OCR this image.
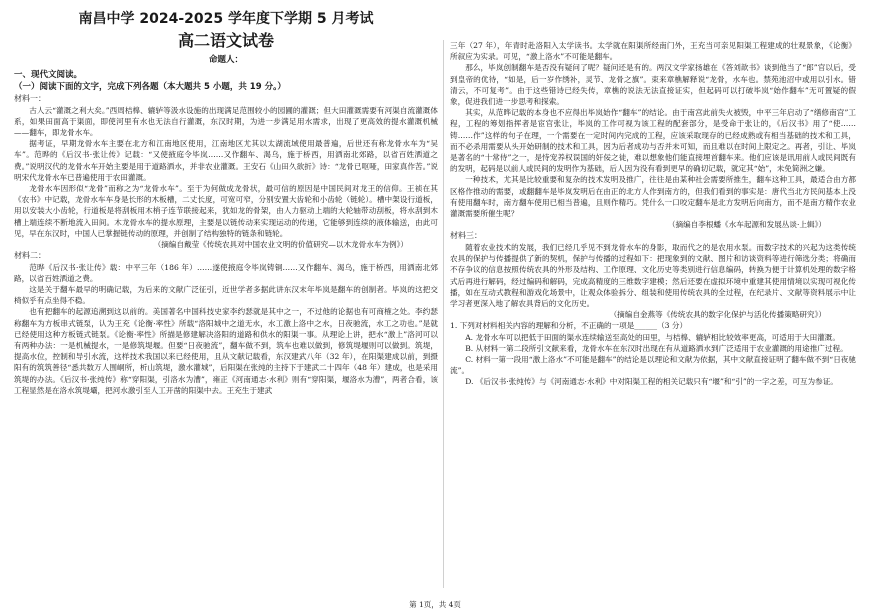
南昌中学 2024-2025 学年度下学期 5 月考试
高二语文试卷
命题人：
一、现代文阅读。
（一）阅读下面的文字，完成下列各题（本大题共 5 小题，共 19 分。）
材料一：

古人云“灌溉之利大矣。”西周桔槔、辘轳等汲水设施的出现满足范围较小的园圃的灌溉；但大田灌溉需要有河渠自流灌溉体系，如果田面高于渠面，即使河里有水也无法自行灌溉，东汉时期，为进一步满足用水需求，出现了更高效的提水灌溉机械——翻车，即龙骨水车。

据考证，早期龙骨水车主要在北方和江南地区使用，江南地区尤其以太湖流域使用最普遍，后世还有称龙骨水车为“吴车”。范晔的《后汉书·张让传》记载：“又使掖庭令毕岚……又作翻车、渴乌，施于桥西，用洒南北郊路，以省百姓洒道之费。”说明汉代的龙骨水车开始主要是用于道路洒水，并非农业灌溉。王安石《山田久欲折》诗：“龙骨已呕哑，田家真作苦。”说明宋代龙骨水车已普遍使用于农田灌溉。

龙骨水车因形似“龙骨”而称之为“龙骨水车”。至于为何做成龙骨状，最可信的原因是中国民间对龙王的信仰。王祯在其《农书》中记载，龙骨水车车身是长形的木板槽，二丈长度，可宽可窄，分别安置大齿轮和小齿轮（链轮）。槽中架设行道板，用以安装大小齿轮，行道板是将刮板用木梢子连节联接起来，犹如龙的骨架，由人力驱动上端的大轮轴带动刮板，将水刮到木槽上端连续不断地流入田间。木龙骨水车的提水原理，主要是以链传动来实现运动的传递，它能够到连续的液体输送，由此可见，早在东汉时，中国人已掌握链传动的原理，并创制了结构独特的链条和链轮。

（摘编自戴莹《传统农具对中国农业文明的价值研究—以木龙骨水车为例》）

材料二：

范晔《后汉书·张让传》载：中平三年（186 年）……遂使掖庭令毕岚铸铜……又作翻车、渴乌，施于桥西，用洒南北郊路，以省百姓洒道之费。

这是关于翻车最早的明确记载，为后来的文献广泛征引，近世学者多据此讲东汉末年毕岚是翻车的创制者。毕岚的这把交椅似乎有点坐得不稳。

也有把翻车的起源追溯到这以前的。美国著名中国科技史家李约瑟就是其中之一，不过他的论据也有可商榷之处。李约瑟称翻车为方板串式链泵，认为王充《论衡·率性》所载“洛阳城中之道无水，水工激上洛中之水，日夜驰流，水工之功也。”是就已经使用这种方板链式链泵。《论衡·率性》所描是修建解决洛阳的道路和供水的阳渠一事。从理论上讲，把水“激上”洛河可以有两种办法：一是机械提水，一是修筑堤堰。但要“日夜驰流”，翻车做不到，筑车也难以做到，修筑堤堰则可以做到。筑堤，提高水位，控制和导引水流，这样技术我国以来已经使用，且从文献记载看，东汉建武八年（32 年），在阳渠建成以前，到摄阳有的筑筑善径“悉共数万人围峒所，析山筑堤，激水灌城”，后阳渠在张纯的主持下于建武二十四年（48 年）建成，也是采用筑堤的办法。《后汉书·张纯传》称“穿阳渠，引洛水为漕”，雍正《河南通志·水利》则有“穿阳渠，堰洛水为漕”，两者合看，该工程显然是在洛水筑堤壩，把河水激引至人工开凿的阳渠中去。王充生于建武

三年（27 年），年青时赴洛阳入太学读书。太学就在阳渠所经南门外，王充当可亲见阳渠工程建成的壮观景象，《论衡》所叙应为实录。可见，“激上洛水”不可能是翻车。

那么，毕岚创制翻车是否没有疑问了呢？疑问还是有的。两汉文学家扬雄在《答刘歆书》谈到他当了“郎”官以后，受到皇帝的优待，“如是，后一岁作绣补，灵节、龙骨之旗”。束来章樵解释说“龙骨，水车也。禁苑池沼中或用以引水。错清云，不可复考”。由于这些错诗已经失传，章樵的说法无法直接证实，但起码可以打破毕岚“始作翻车”无可置疑的假象，促进我们进一步思考和探索。

其实，从范晔记载的本身也不应得出毕岚始作“翻车”的结论。由于南宫此前失火被毁，中平三年启动了“缮修南宫”工程，工程的筹划指挥者是宦官张让，毕岚的工作可视为该工程的配套部分，是受命于张让的，《后汉书》用了“使……铸……作”这样的句子在理，一个需要在一定时间内完成的工程，应该采取现存的已经成熟或有相当基础的技术和工具，而不必杀用需要从头开始研制的技术和工具，因为后者成功与否并未可知，而且难以在时间上限定之。再者，引让、毕岚是著名的“十常侍”之一，是恃宠养权误国的奸佞之徒，难以想象他们能直接埋首翻车来。他们应该是讯用前人或民间既有的发明，起码是以前人或民间的发明作为基础，后人因为没有看到更早的确切记载，就定其“始”，未免简洲之嫌。

一种技术，尤其是比较重要和复杂的技术发明及推广，往往是由某种社会需要所推生，翻车这种工具，最适合由方都区格作推动的需要，或翻翻车是毕岚发明后在由正的北方人作到南方的，但我们看到的事实是：唐代当北方民间基本上没有使用翻车时，南方翻车使用已相当普遍，且则作精巧。凭什么一口咬定翻车是北方发明后向南方，而不是南方精作农业灌溉需要所催生呢？

（摘编自李根蟠《水车起源和发展丛谈·上辑》）

材料三：

随着农业技术的发展，我们已经几乎见不到龙骨水车的身影，取而代之的是农用水泵。而数字技术的兴起为这类传统农具的保护与传播提供了新的契机，保护与传播的过程如下：把现象到的文献、图片和访谈资料等进行筛选分类；将确而不存争议的信息按照传统农具的外形及结构、工作原理、文化历史等类别进行信息编码，转换为便于计算机处理的数字格式后再进行解码，经过编码和解码，完成高精度的三维数字建模；然后还要在虚拟环境中重建其使用情境以实现可视化传播，如在互动式教程和游戏化场景中，让观众体验拆分、组装和使用传统农具的全过程，在纪录片、文献等资料展示中让学习者更深入地了解农具背后的文化历史。

（摘编自金燕等《传统农具的数字化保护与活化传播策略研究》）

1. 下列对材料相关内容的理解和分析，不正确的一项是______（3 分）

A. 龙骨水车可以把低于田面的渠水连续输送至高处的田里，与桔槔、辘轳相比较效率更高，可适用于大田灌溉。

B. 从材料一第二段所引文献来看，龙骨水车在东汉时出现在有从道路洒水到广泛适用于农业灌溉的用途推广过程。

C. 材料一第一段用“激上洛水”不可能是翻车”的结论是以理论和文献为依据，其中文献直接证明了翻车做不到“日夜驰流”。

D. 《后汉书·张纯传》与《河南通志·水利》中对阳渠工程的相关记载只有“堰”和“引”的一字之差，可互为参证。

第 1页，共 4页
